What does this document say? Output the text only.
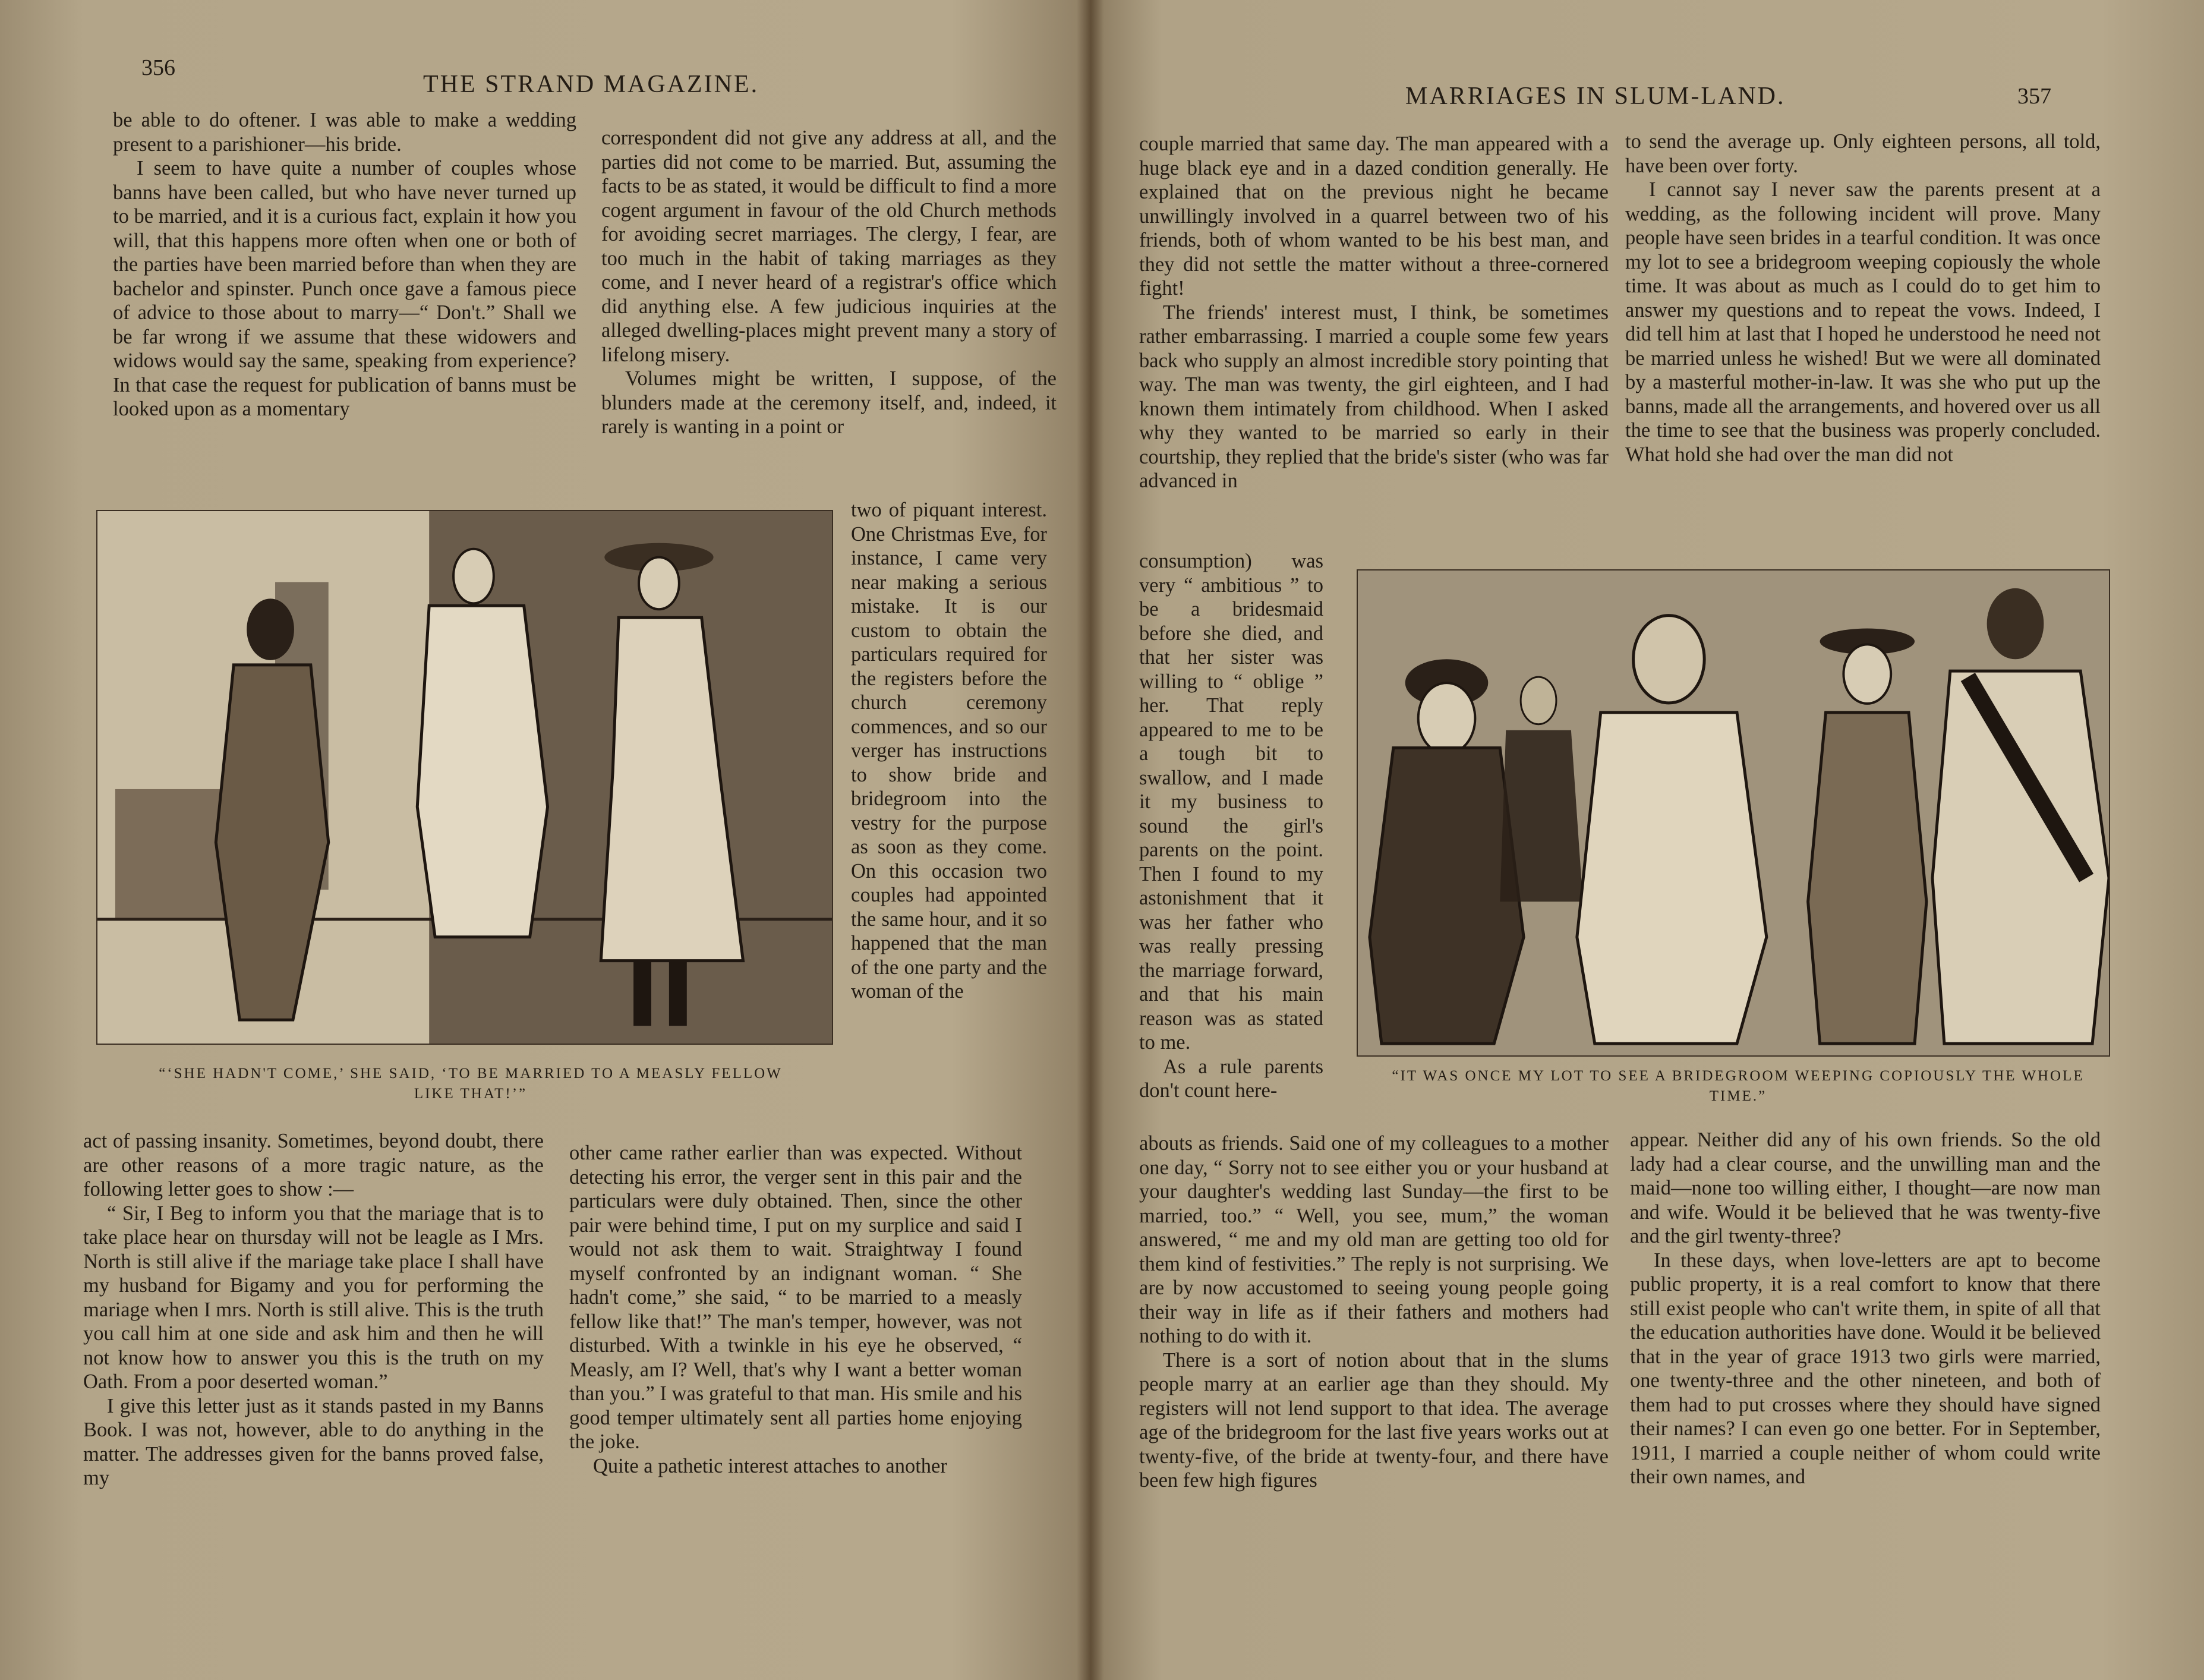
356
THE STRAND MAGAZINE.

be able to do oftener. I was able to make a wedding present to a parishioner—his bride.

I seem to have quite a number of couples whose banns have been called, but who have never turned up to be married, and it is a curious fact, explain it how you will, that this happens more often when one or both of the parties have been married before than when they are bachelor and spinster. Punch once gave a famous piece of advice to those about to marry—“ Don't.” Shall we be far wrong if we assume that these widowers and widows would say the same, speaking from experience? In that case the request for publication of banns must be looked upon as a momentary

correspondent did not give any address at all, and the parties did not come to be married. But, assuming the facts to be as stated, it would be difficult to find a more cogent argument in favour of the old Church methods for avoiding secret marriages. The clergy, I fear, are too much in the habit of taking marriages as they come, and I never heard of a registrar's office which did anything else. A few judicious inquiries at the alleged dwelling-places might prevent many a story of lifelong misery.

Volumes might be written, I suppose, of the blunders made at the ceremony itself, and, indeed, it rarely is wanting in a point or

two of piquant interest. One Christmas Eve, for instance, I came very near making a serious mistake. It is our custom to obtain the particulars required for the registers before the church ceremony commences, and so our verger has instructions to show bride and bridegroom into the vestry for the purpose as soon as they come. On this occasion two couples had appointed the same hour, and it so happened that the man of the one party and the woman of the
“‘SHE HADN'T COME,’ SHE SAID, ‘TO BE MARRIED TO A MEASLY FELLOW LIKE THAT!’”

act of passing insanity. Sometimes, beyond doubt, there are other reasons of a more tragic nature, as the following letter goes to show :—

“ Sir, I Beg to inform you that the mariage that is to take place hear on thursday will not be leagle as I Mrs. North is still alive if the mariage take place I shall have my husband for Bigamy and you for performing the mariage when I mrs. North is still alive. This is the truth you call him at one side and ask him and then he will not know how to answer you this is the truth on my Oath. From a poor deserted woman.”

I give this letter just as it stands pasted in my Banns Book. I was not, however, able to do anything in the matter. The addresses given for the banns proved false, my

other came rather earlier than was expected. Without detecting his error, the verger sent in this pair and the particulars were duly obtained. Then, since the other pair were behind time, I put on my surplice and said I would not ask them to wait. Straightway I found myself confronted by an indignant woman. “ She hadn't come,” she said, “ to be married to a measly fellow like that!” The man's temper, however, was not disturbed. With a twinkle in his eye he observed, “ Measly, am I? Well, that's why I want a better woman than you.” I was grateful to that man. His smile and his good temper ultimately sent all parties home enjoying the joke.

Quite a pathetic interest attaches to another

MARRIAGES IN SLUM-LAND.	357

couple married that same day. The man appeared with a huge black eye and in a dazed condition generally. He explained that on the previous night he became unwillingly involved in a quarrel between two of his friends, both of whom wanted to be his best man, and they did not settle the matter without a three-cornered fight!

The friends' interest must, I think, be sometimes rather embarrassing. I married a couple some few years back who supply an almost incredible story pointing that way. The man was twenty, the girl eighteen, and I had known them intimately from childhood. When I asked why they wanted to be married so early in their courtship, they replied that the bride's sister (who was far advanced in

to send the average up. Only eighteen persons, all told, have been over forty.

I cannot say I never saw the parents present at a wedding, as the following incident will prove. Many people have seen brides in a tearful condition. It was once my lot to see a bridegroom weeping copiously the whole time. It was about as much as I could do to get him to answer my questions and to repeat the vows. Indeed, I did tell him at last that I hoped he understood he need not be married unless he wished! But we were all dominated by a masterful mother-in-law. It was she who put up the banns, made all the arrangements, and hovered over us all the time to see that the business was properly concluded. What hold she had over the man did not

consumption) was very “ ambitious ” to be a bridesmaid before she died, and that her sister was willing to “ oblige ” her. That reply appeared to me to be a tough bit to swallow, and I made it my business to sound the girl's parents on the point. Then I found to my astonishment that it was her father who was really pressing the marriage forward, and that his main reason was as stated to me.

As a rule parents don't count here-

“IT WAS ONCE MY LOT TO SEE A BRIDEGROOM WEEPING COPIOUSLY THE WHOLE TIME.”

abouts as friends. Said one of my colleagues to a mother one day, “ Sorry not to see either you or your husband at your daughter's wedding last Sunday—the first to be married, too.” “ Well, you see, mum,” the woman answered, “ me and my old man are getting too old for them kind of festivities.” The reply is not surprising. We are by now accustomed to seeing young people going their way in life as if their fathers and mothers had nothing to do with it.

There is a sort of notion about that in the slums people marry at an earlier age than they should. My registers will not lend support to that idea. The average age of the bridegroom for the last five years works out at twenty-five, of the bride at twenty-four, and there have been few high figures

appear. Neither did any of his own friends. So the old lady had a clear course, and the unwilling man and the maid—none too willing either, I thought—are now man and wife. Would it be believed that he was twenty-five and the girl twenty-three?

In these days, when love-letters are apt to become public property, it is a real comfort to know that there still exist people who can't write them, in spite of all that the education authorities have done. Would it be believed that in the year of grace 1913 two girls were married, one twenty-three and the other nineteen, and both of them had to put crosses where they should have signed their names? I can even go one better. For in September, 1911, I married a couple neither of whom could write their own names, and
